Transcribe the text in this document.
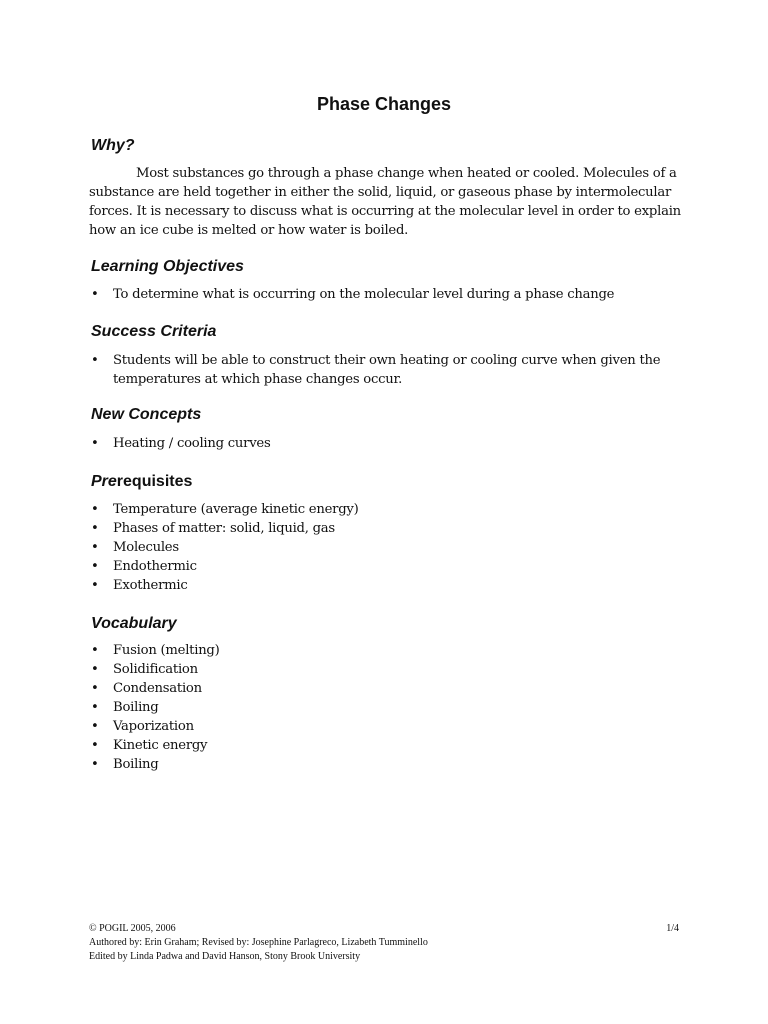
Phase Changes
Why?
Most substances go through a phase change when heated or cooled. Molecules of a substance are held together in either the solid, liquid, or gaseous phase by intermolecular forces. It is necessary to discuss what is occurring at the molecular level in order to explain how an ice cube is melted or how water is boiled.
Learning Objectives
• To determine what is occurring on the molecular level during a phase change
Success Criteria
• Students will be able to construct their own heating or cooling curve when given the temperatures at which phase changes occur.
New Concepts
• Heating / cooling curves
Prerequisites
• Temperature (average kinetic energy)
• Phases of matter: solid, liquid, gas
• Molecules
• Endothermic
• Exothermic
Vocabulary
• Fusion (melting)
• Solidification
• Condensation
• Boiling
• Vaporization
• Kinetic energy
• Boiling
© POGIL 2005, 2006	1/4
Authored by: Erin Graham; Revised by: Josephine Parlagreco, Lizabeth Tumminello
Edited by Linda Padwa and David Hanson, Stony Brook University
